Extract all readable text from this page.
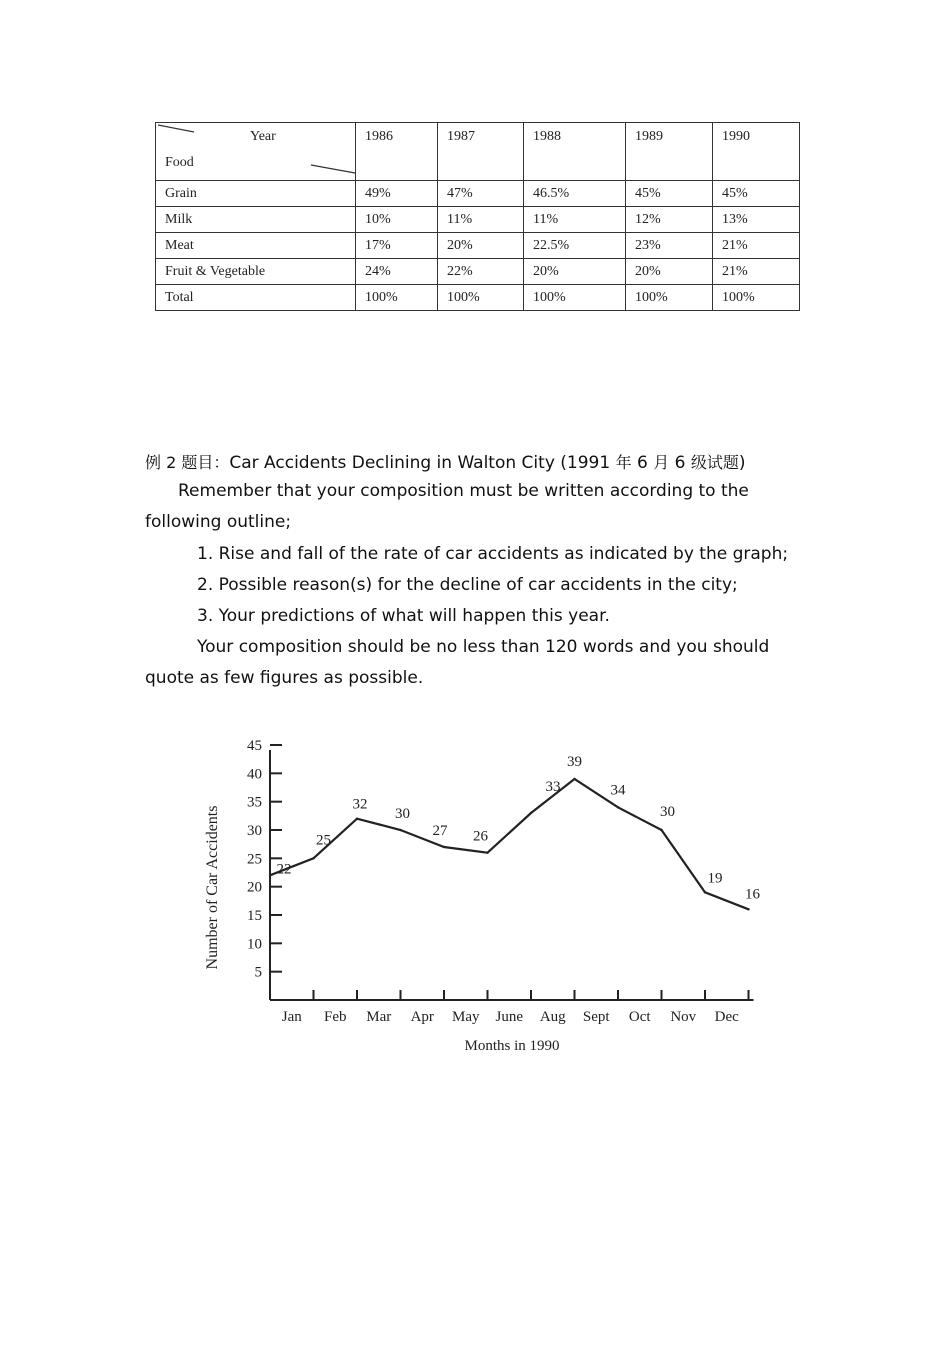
Year
Food	1986	1987	1988	1989	1990
Grain	49%	47%	46.5%	45%	45%
Milk	10%	11%	11%	12%	13%
Meat	17%	20%	22.5%	23%	21%
Fruit & Vegetable	24%	22%	20%	20%	21%
Total	100%	100%	100%	100%	100%
例 2 题目：Car Accidents Declining in Walton City (1991 年 6 月 6 级试题)
Remember that your composition must be written according to the
following outline;
1. Rise and fall of the rate of car accidents as indicated by the graph;
2. Possible reason(s) for the decline of car accidents in the city;
3. Your predictions of what will happen this year.
Your composition should be no less than 120 words and you should
quote as few figures as possible.
5
10
15
20
25
30
35
40
45
Jan Feb Mar Apr May June Aug Sept Oct Nov Dec
Months in 1990
Number of Car Accidents	22
25
32
30
27 26
33
39
34
30
19
16
